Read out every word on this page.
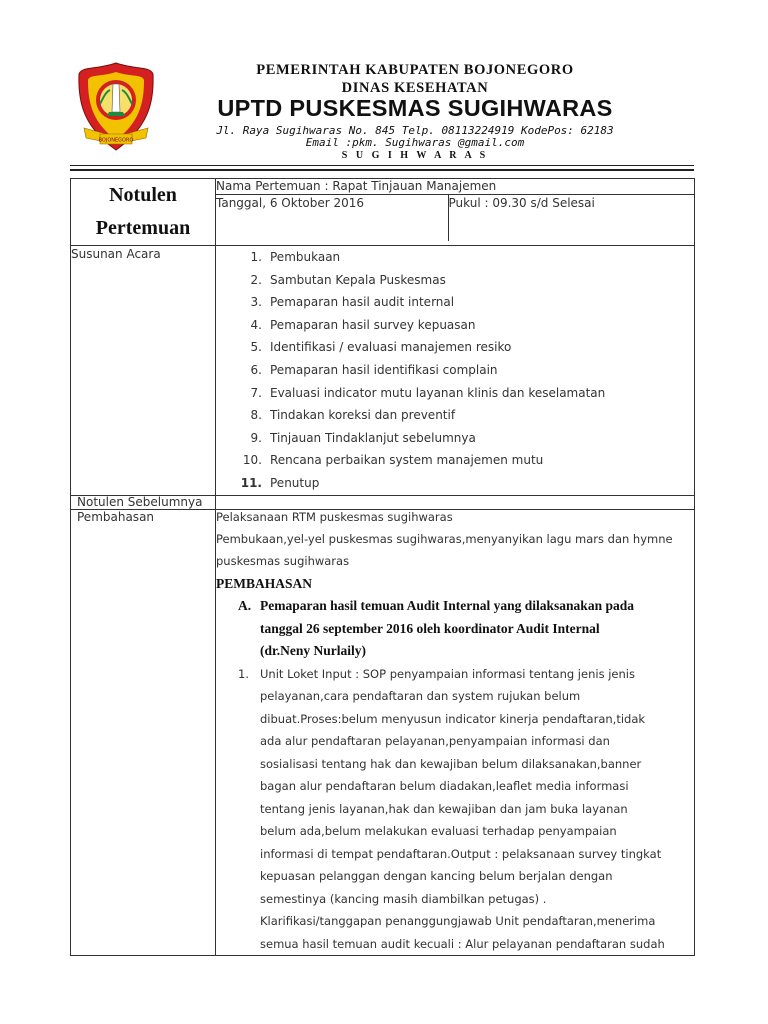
BOJONEGORO
PEMERINTAH KABUPATEN BOJONEGORO
DINAS KESEHATAN
UPTD PUSKESMAS SUGIHWARAS
Jl. Raya Sugihwaras No. 845 Telp. 08113224919 KodePos: 62183
Email :pkm. Sugihwaras @gmail.com
S U G I H W A R A S
Notulen
Pertemuan

Nama Pertemuan : Rapat Tinjauan Manajemen
Tanggal, 6 Oktober 2016	Pukul : 09.30 s/d Selesai

Susunan Acara	1. Pembukaan
2. Sambutan Kepala Puskesmas
3. Pemaparan hasil audit internal
4. Pemaparan hasil survey kepuasan
5. Identifikasi / evaluasi manajemen resiko
6. Pemaparan hasil identifikasi complain
7. Evaluasi indicator mutu layanan klinis dan keselamatan
8. Tindakan koreksi dan preventif
9. Tinjauan Tindaklanjut sebelumnya
10. Rencana perbaikan system manajemen mutu
11. Penutup

Notulen Sebelumnya	
Pembahasan	Pelaksanaan RTM puskesmas sugihwaras
Pembukaan,yel-yel puskesmas sugihwaras,menyanyikan lagu mars dan hymne
puskesmas sugihwaras
PEMBAHASAN
A. Pemaparan hasil temuan Audit Internal yang dilaksanakan pada
tanggal 26 september 2016 oleh koordinator Audit Internal
(dr.Neny Nurlaily)
1. Unit Loket Input : SOP penyampaian informasi tentang jenis jenis
pelayanan,cara pendaftaran dan system rujukan belum
dibuat.Proses:belum menyusun indicator kinerja pendaftaran,tidak
ada alur pendaftaran pelayanan,penyampaian informasi dan
sosialisasi tentang hak dan kewajiban belum dilaksanakan,banner
bagan alur pendaftaran belum diadakan,leaflet media informasi
tentang jenis layanan,hak dan kewajiban dan jam buka layanan
belum ada,belum melakukan evaluasi terhadap penyampaian
informasi di tempat pendaftaran.Output : pelaksanaan survey tingkat
kepuasan pelanggan dengan kancing belum berjalan dengan
semestinya (kancing masih diambilkan petugas) .
Klarifikasi/tanggapan penanggungjawab Unit pendaftaran,menerima
semua hasil temuan audit kecuali : Alur pelayanan pendaftaran sudah
